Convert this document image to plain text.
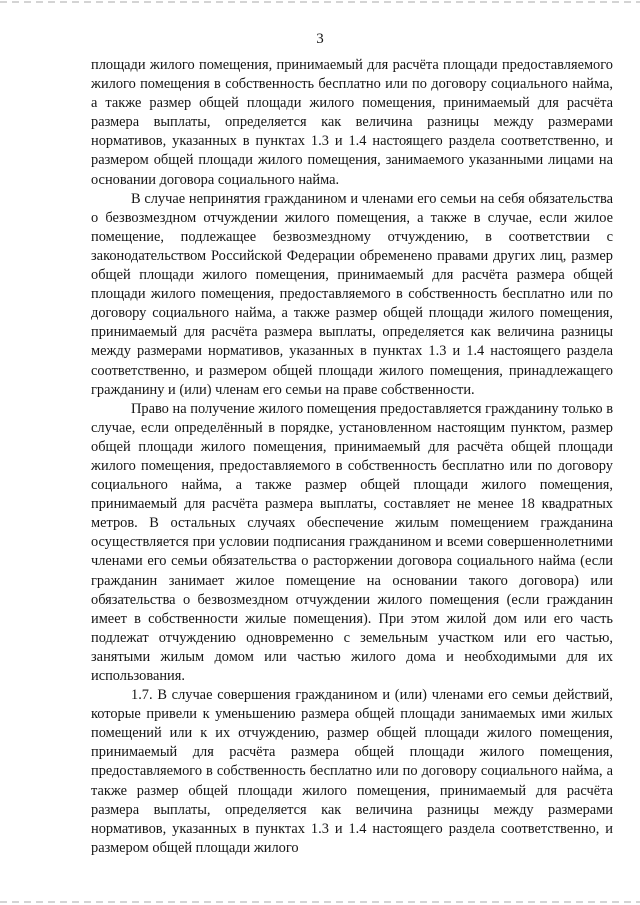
3

площади жилого помещения, принимаемый для расчёта площади предоставляемого жилого помещения в собственность бесплатно или по договору социального найма, а также размер общей площади жилого помещения, принимаемый для расчёта размера выплаты, определяется как величина разницы между размерами нормативов, указанных в пунктах 1.3 и 1.4 настоящего раздела соответственно, и размером общей площади жилого помещения, занимаемого указанными лицами на основании договора социального найма.

В случае непринятия гражданином и членами его семьи на себя обязательства о безвозмездном отчуждении жилого помещения, а также в случае, если жилое помещение, подлежащее безвозмездному отчуждению, в соответствии с законодательством Российской Федерации обременено правами других лиц, размер общей площади жилого помещения, принимаемый для расчёта размера общей площади жилого помещения, предоставляемого в собственность бесплатно или по договору социального найма, а также размер общей площади жилого помещения, принимаемый для расчёта размера выплаты, определяется как величина разницы между размерами нормативов, указанных в пунктах 1.3 и 1.4 настоящего раздела соответственно, и размером общей площади жилого помещения, принадлежащего гражданину и (или) членам его семьи на праве собственности.

Право на получение жилого помещения предоставляется гражданину только в случае, если определённый в порядке, установленном настоящим пунктом, размер общей площади жилого помещения, принимаемый для расчёта общей площади жилого помещения, предоставляемого в собственность бесплатно или по договору социального найма, а также размер общей площади жилого помещения, принимаемый для расчёта размера выплаты, составляет не менее 18 квадратных метров. В остальных случаях обеспечение жилым помещением гражданина осуществляется при условии подписания гражданином и всеми совершеннолетними членами его семьи обязательства о расторжении договора социального найма (если гражданин занимает жилое помещение на основании такого договора) или обязательства о безвозмездном отчуждении жилого помещения (если гражданин имеет в собственности жилые помещения). При этом жилой дом или его часть подлежат отчуждению одновременно с земельным участком или его частью, занятыми жилым домом или частью жилого дома и необходимыми для их использования.

1.7. В случае совершения гражданином и (или) членами его семьи действий, которые привели к уменьшению размера общей площади занимаемых ими жилых помещений или к их отчуждению, размер общей площади жилого помещения, принимаемый для расчёта размера общей площади жилого помещения, предоставляемого в собственность бесплатно или по договору социального найма, а также размер общей площади жилого помещения, принимаемый для расчёта размера выплаты, определяется как величина разницы между размерами нормативов, указанных в пунктах 1.3 и 1.4 настоящего раздела соответственно, и размером общей площади жилого
